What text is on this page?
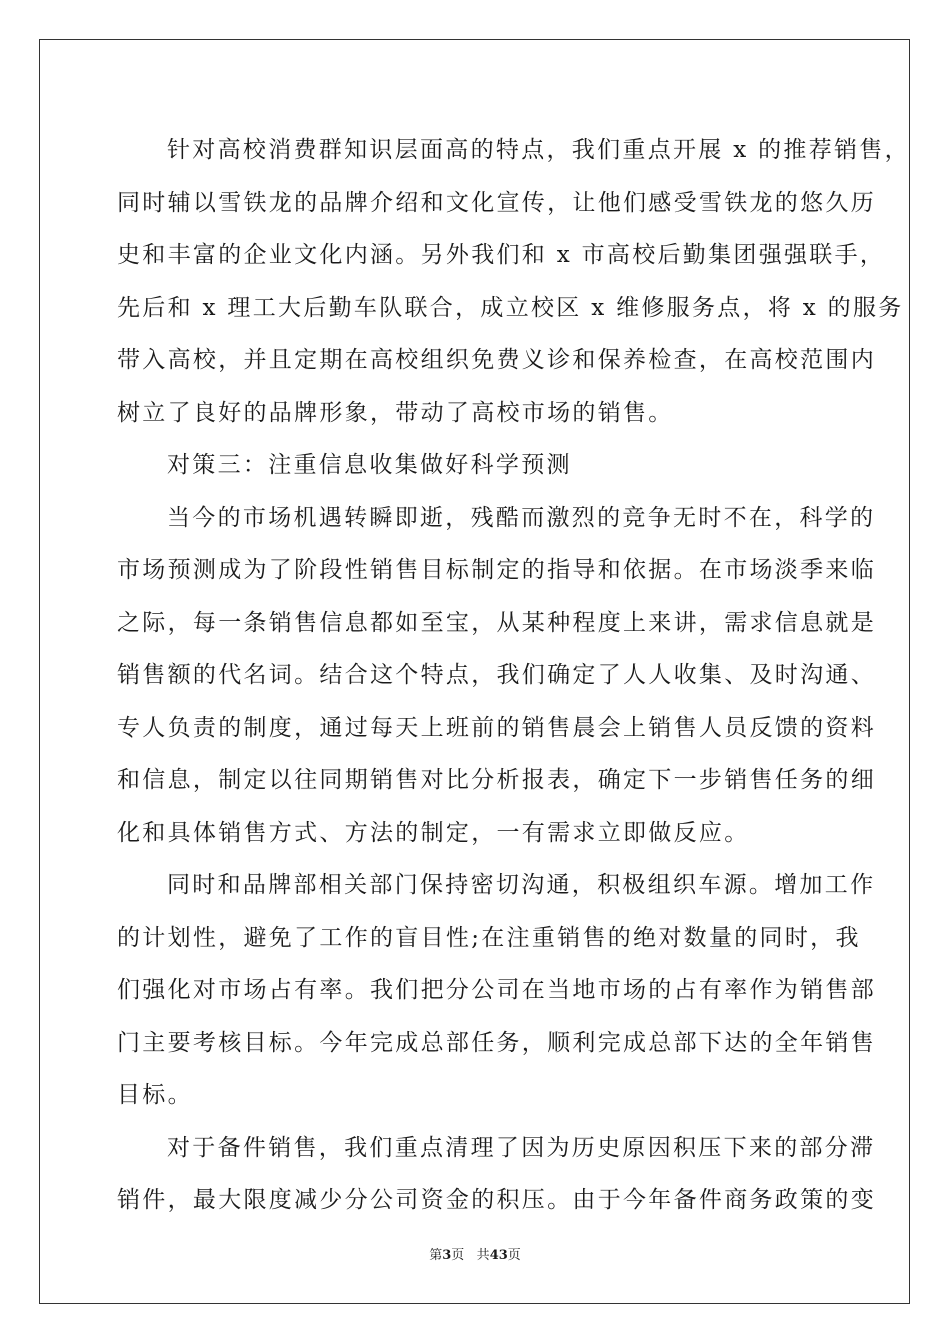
针对高校消费群知识层面高的特点，我们重点开展 x 的推荐销售，
同时辅以雪铁龙的品牌介绍和文化宣传，让他们感受雪铁龙的悠久历
史和丰富的企业文化内涵。另外我们和 x 市高校后勤集团强强联手，
先后和 x 理工大后勤车队联合，成立校区 x 维修服务点，将 x 的服务
带入高校，并且定期在高校组织免费义诊和保养检查，在高校范围内
树立了良好的品牌形象，带动了高校市场的销售。

对策三：注重信息收集做好科学预测

当今的市场机遇转瞬即逝，残酷而激烈的竞争无时不在，科学的
市场预测成为了阶段性销售目标制定的指导和依据。在市场淡季来临
之际，每一条销售信息都如至宝，从某种程度上来讲，需求信息就是
销售额的代名词。结合这个特点，我们确定了人人收集、及时沟通、
专人负责的制度，通过每天上班前的销售晨会上销售人员反馈的资料
和信息，制定以往同期销售对比分析报表，确定下一步销售任务的细
化和具体销售方式、方法的制定，一有需求立即做反应。
同时和品牌部相关部门保持密切沟通，积极组织车源。增加工作
的计划性，避免了工作的盲目性;在注重销售的绝对数量的同时，我
们强化对市场占有率。我们把分公司在当地市场的占有率作为销售部
门主要考核目标。今年完成总部任务，顺利完成总部下达的全年销售
目标。
对于备件销售，我们重点清理了因为历史原因积压下来的部分滞
销件，最大限度减少分公司资金的积压。由于今年备件商务政策的变
第3页 共43页
